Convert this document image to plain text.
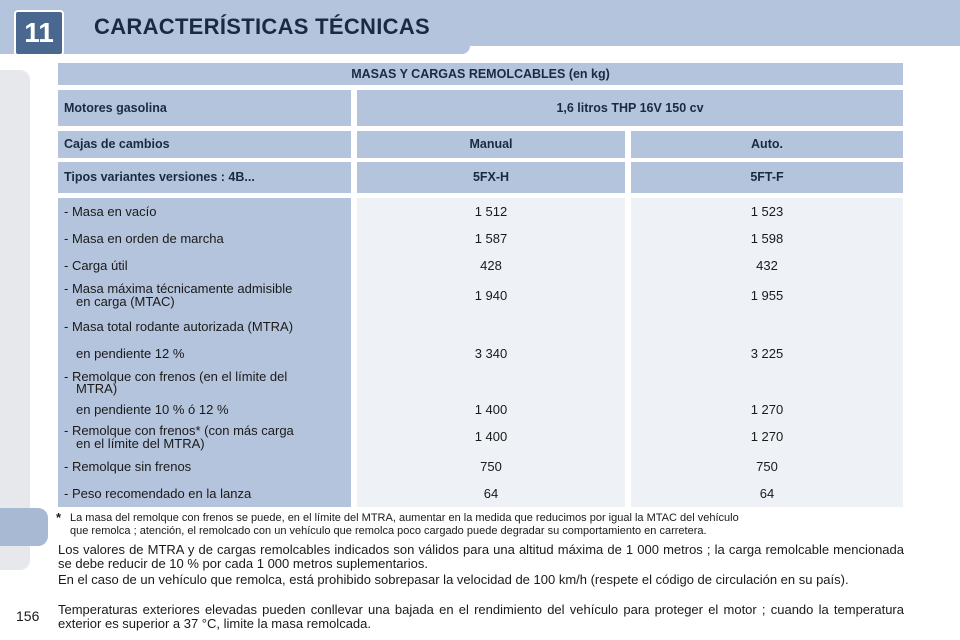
11	CARACTERÍSTICAS TÉCNICAS
MASAS Y CARGAS REMOLCABLES (en kg)
Motores gasolina	1,6 litros THP 16V 150 cv
Cajas de cambios	Manual	Auto.
Tipos variantes versiones : 4B...	5FX-H	5FT-F
- Masa en vacío	1 512	1 523
- Masa en orden de marcha	1 587	1 598
- Carga útil	428	432
- Masa máxima técnicamente admisible
en carga (MTAC)	1 940	1 955
- Masa total rodante autorizada (MTRA)
en pendiente 12 %	3 340	3 225
- Remolque con frenos (en el límite del
MTRA)
en pendiente 10 % ó 12 %	1 400	1 270
- Remolque con frenos* (con más carga
en el límite del MTRA)	1 400	1 270
- Remolque sin frenos	750	750
- Peso recomendado en la lanza	64	64
* La masa del remolque con frenos se puede, en el límite del MTRA, aumentar en la medida que reducimos por igual la MTAC del vehículo
que remolca ; atención, el remolcado con un vehículo que remolca poco cargado puede degradar su comportamiento en carretera.
Los valores de MTRA y de cargas remolcables indicados son válidos para una altitud máxima de 1 000 metros ; la carga remolcable mencionada se debe reducir de 10 % por cada 1 000 metros suplementarios.
En el caso de un vehículo que remolca, está prohibido sobrepasar la velocidad de 100 km/h (respete el código de circulación en su país).
Temperaturas exteriores elevadas pueden conllevar una bajada en el rendimiento del vehículo para proteger el motor ; cuando la temperatura exterior es superior a 37 °C, limite la masa remolcada.
156
